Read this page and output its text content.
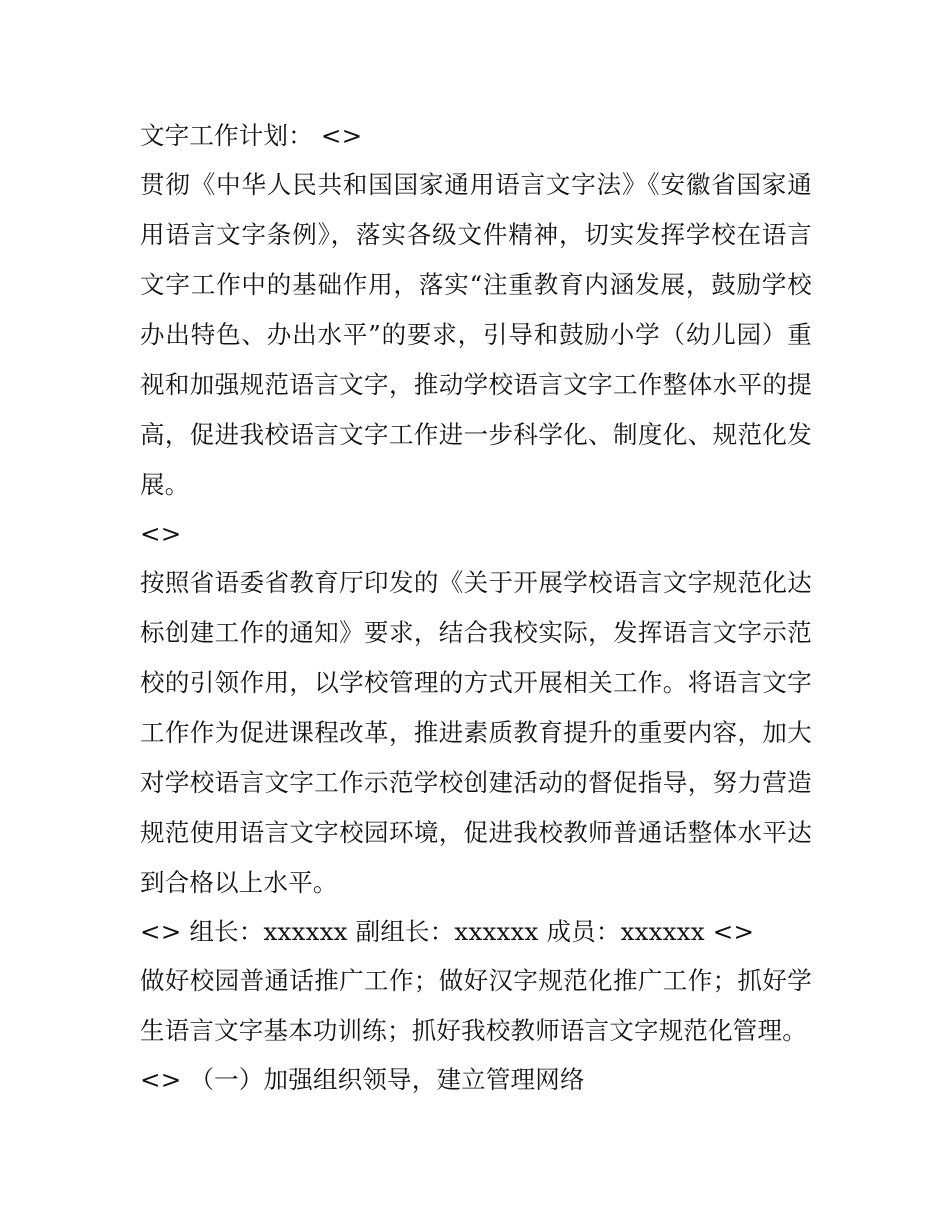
文字工作计划： <>

贯彻《中华人民共和国国家通用语言文字法》《安徽省国家通用语言文字条例》，落实各级文件精神，切实发挥学校在语言文字工作中的基础作用，落实“注重教育内涵发展，鼓励学校办出特色、办出水平”的要求，引导和鼓励小学（幼儿园）重视和加强规范语言文字，推动学校语言文字工作整体水平的提高，促进我校语言文字工作进一步科学化、制度化、规范化发展。

<>

按照省语委省教育厅印发的《关于开展学校语言文字规范化达标创建工作的通知》要求，结合我校实际，发挥语言文字示范校的引领作用，以学校管理的方式开展相关工作。将语言文字工作作为促进课程改革，推进素质教育提升的重要内容，加大对学校语言文字工作示范学校创建活动的督促指导，努力营造规范使用语言文字校园环境，促进我校教师普通话整体水平达到合格以上水平。

<> 组长：xxxxxx 副组长：xxxxxx 成员：xxxxxx <>

做好校园普通话推广工作；做好汉字规范化推广工作；抓好学生语言文字基本功训练；抓好我校教师语言文字规范化管理。

<> （一）加强组织领导，建立管理网络
